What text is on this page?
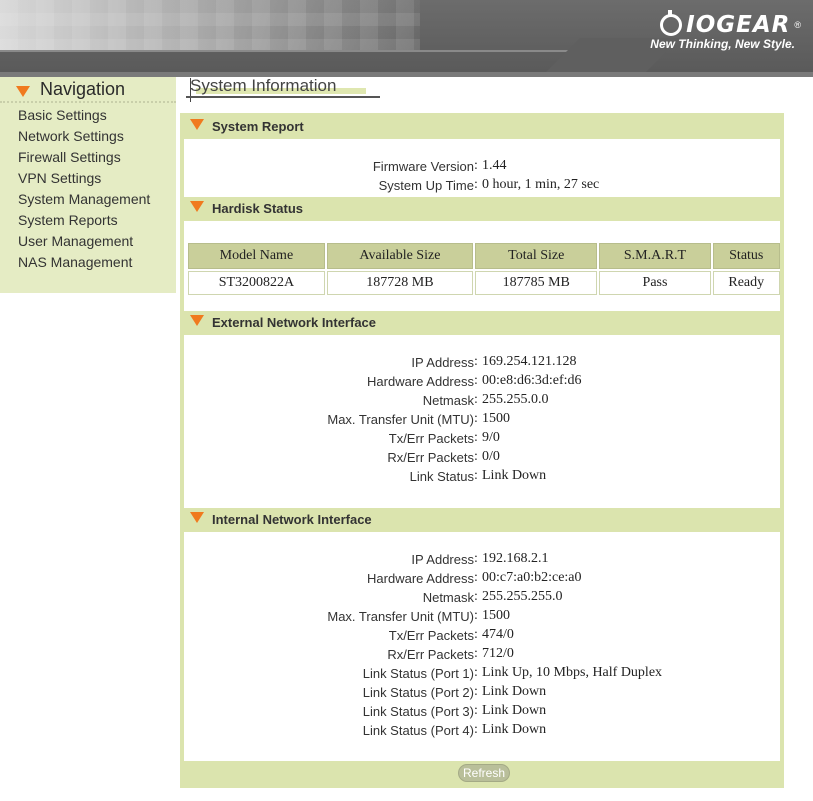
IOGEAR ®
New Thinking, New Style.
Navigation
Basic Settings
Network Settings
Firewall Settings
VPN Settings
System Management
System Reports
User Management
NAS Management
System Information
System Report
Firmware Version : 1.44
System Up Time : 0 hour, 1 min, 27 sec
Hardisk Status
Model Name	Available Size	Total Size	S.M.A.R.T	Status
ST3200822A	187728 MB	187785 MB	Pass	Ready
External Network Interface
IP Address : 169.254.121.128
Hardware Address : 00:e8:d6:3d:ef:d6
Netmask : 255.255.0.0
Max. Transfer Unit (MTU) : 1500
Tx/Err Packets : 9/0
Rx/Err Packets : 0/0
Link Status : Link Down
Internal Network Interface
IP Address : 192.168.2.1
Hardware Address : 00:c7:a0:b2:ce:a0
Netmask : 255.255.255.0
Max. Transfer Unit (MTU) : 1500
Tx/Err Packets : 474/0
Rx/Err Packets : 712/0
Link Status (Port 1) : Link Up, 10 Mbps, Half Duplex
Link Status (Port 2) : Link Down
Link Status (Port 3) : Link Down
Link Status (Port 4) : Link Down
Refresh
